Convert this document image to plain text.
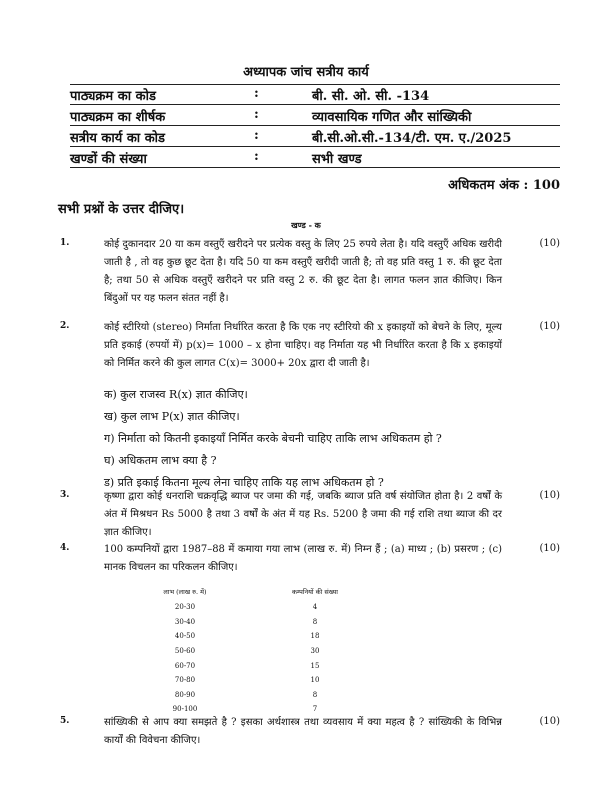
अध्यापक जांच सत्रीय कार्य
पाठ्यक्रम का कोड	:	बी. सी. ओ. सी. -134
पाठ्यक्रम का शीर्षक	:	व्यावसायिक गणित और सांख्यिकी
सत्रीय कार्य का कोड	:	बी.सी.ओ.सी.-134/टी. एम. ए./2025
खण्डों की संख्या	:	सभी खण्ड
अधिकतम अंक : 100
सभी प्रश्नों के उत्तर दीजिए।
खण्ड - क
1.	कोई दुकानदार 20 या कम वस्तुएँ खरीदने पर प्रत्येक वस्तु के लिए 25 रुपये लेता है। यदि वस्तुएँ अधिक खरीदी जाती है , तो वह कुछ छूट देता है। यदि 50 या कम वस्तुएँ खरीदी जाती है; तो वह प्रति वस्तु 1 रु. की छूट देता है; तथा 50 से अधिक वस्तुएँ खरीदने पर प्रति वस्तु 2 रु. की छूट देता है। लागत फलन ज्ञात कीजिए। किन बिंदुओं पर यह फलन संतत नहीं है।
(10)
2.	कोई स्टीरियो (stereo) निर्माता निर्धारित करता है कि एक नए स्टीरियो की x इकाइयों को बेचने के लिए, मूल्य प्रति इकाई (रुपयों में) p(x)= 1000 – x होना चाहिए। वह निर्माता यह भी निर्धारित करता है कि x इकाइयों को निर्मित करने की कुल लागत C(x)= 3000+ 20x द्वारा दी जाती है।
(10)
क) कुल राजस्व R(x) ज्ञात कीजिए।
ख) कुल लाभ P(x) ज्ञात कीजिए।
ग) निर्माता को कितनी इकाइयाँ निर्मित करके बेचनी चाहिए ताकि लाभ अधिकतम हो ?
घ) अधिकतम लाभ क्या है ?
ड) प्रति इकाई कितना मूल्य लेना चाहिए ताकि यह लाभ अधिकतम हो ?
3.	कृष्णा द्वारा कोई धनराशि चक्रवृद्धि ब्याज पर जमा की गई, जबकि ब्याज प्रति वर्ष संयोजित होता है। 2 वर्षों के अंत में मिश्रधन Rs 5000 है तथा 3 वर्षों के अंत में यह Rs. 5200 है जमा की गई राशि तथा ब्याज की दर ज्ञात कीजिए।
(10)
4.	100 कम्पनियों द्वारा 1987–88 में कमाया गया लाभ (लाख रु. में) निम्न हैं ; (a) माध्य ; (b) प्रसरण ; (c) मानक विचलन का परिकलन कीजिए।
(10)
लाभ (लाख रु. में)	कम्पनियों की संख्या
20-30	4
30-40	8
40-50	18
50-60	30
60-70	15
70-80	10
80-90	8
90-100	7
5.	सांख्यिकी से आप क्या समझते है ? इसका अर्थशास्त्र तथा व्यवसाय में क्या महत्व है ? सांख्यिकी के विभिन्न कार्यों की विवेचना कीजिए।
(10)
